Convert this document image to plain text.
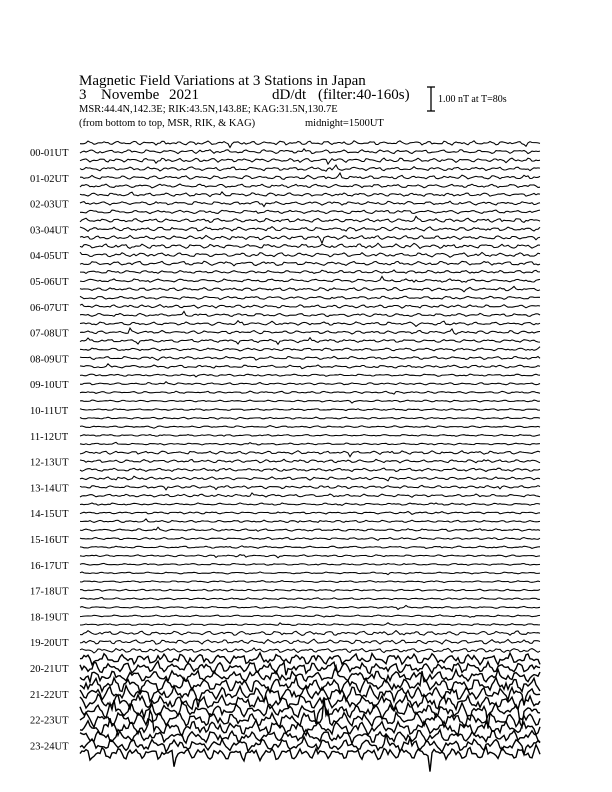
Magnetic Field Variations at 3 Stations in Japan
3 Novembe 2021	dD/dt (filter:40-160s)
MSR:44.4N,142.3E; RIK:43.5N,143.8E; KAG:31.5N,130.7E
(from bottom to top, MSR, RIK, & KAG)	midnight=1500UT
1.00 nT at T=80s
00-01UT
01-02UT
02-03UT
03-04UT
04-05UT
05-06UT
06-07UT
07-08UT
08-09UT
09-10UT
10-11UT
11-12UT
12-13UT
13-14UT
14-15UT
15-16UT
16-17UT
17-18UT
18-19UT
19-20UT
20-21UT
21-22UT
22-23UT
23-24UT
